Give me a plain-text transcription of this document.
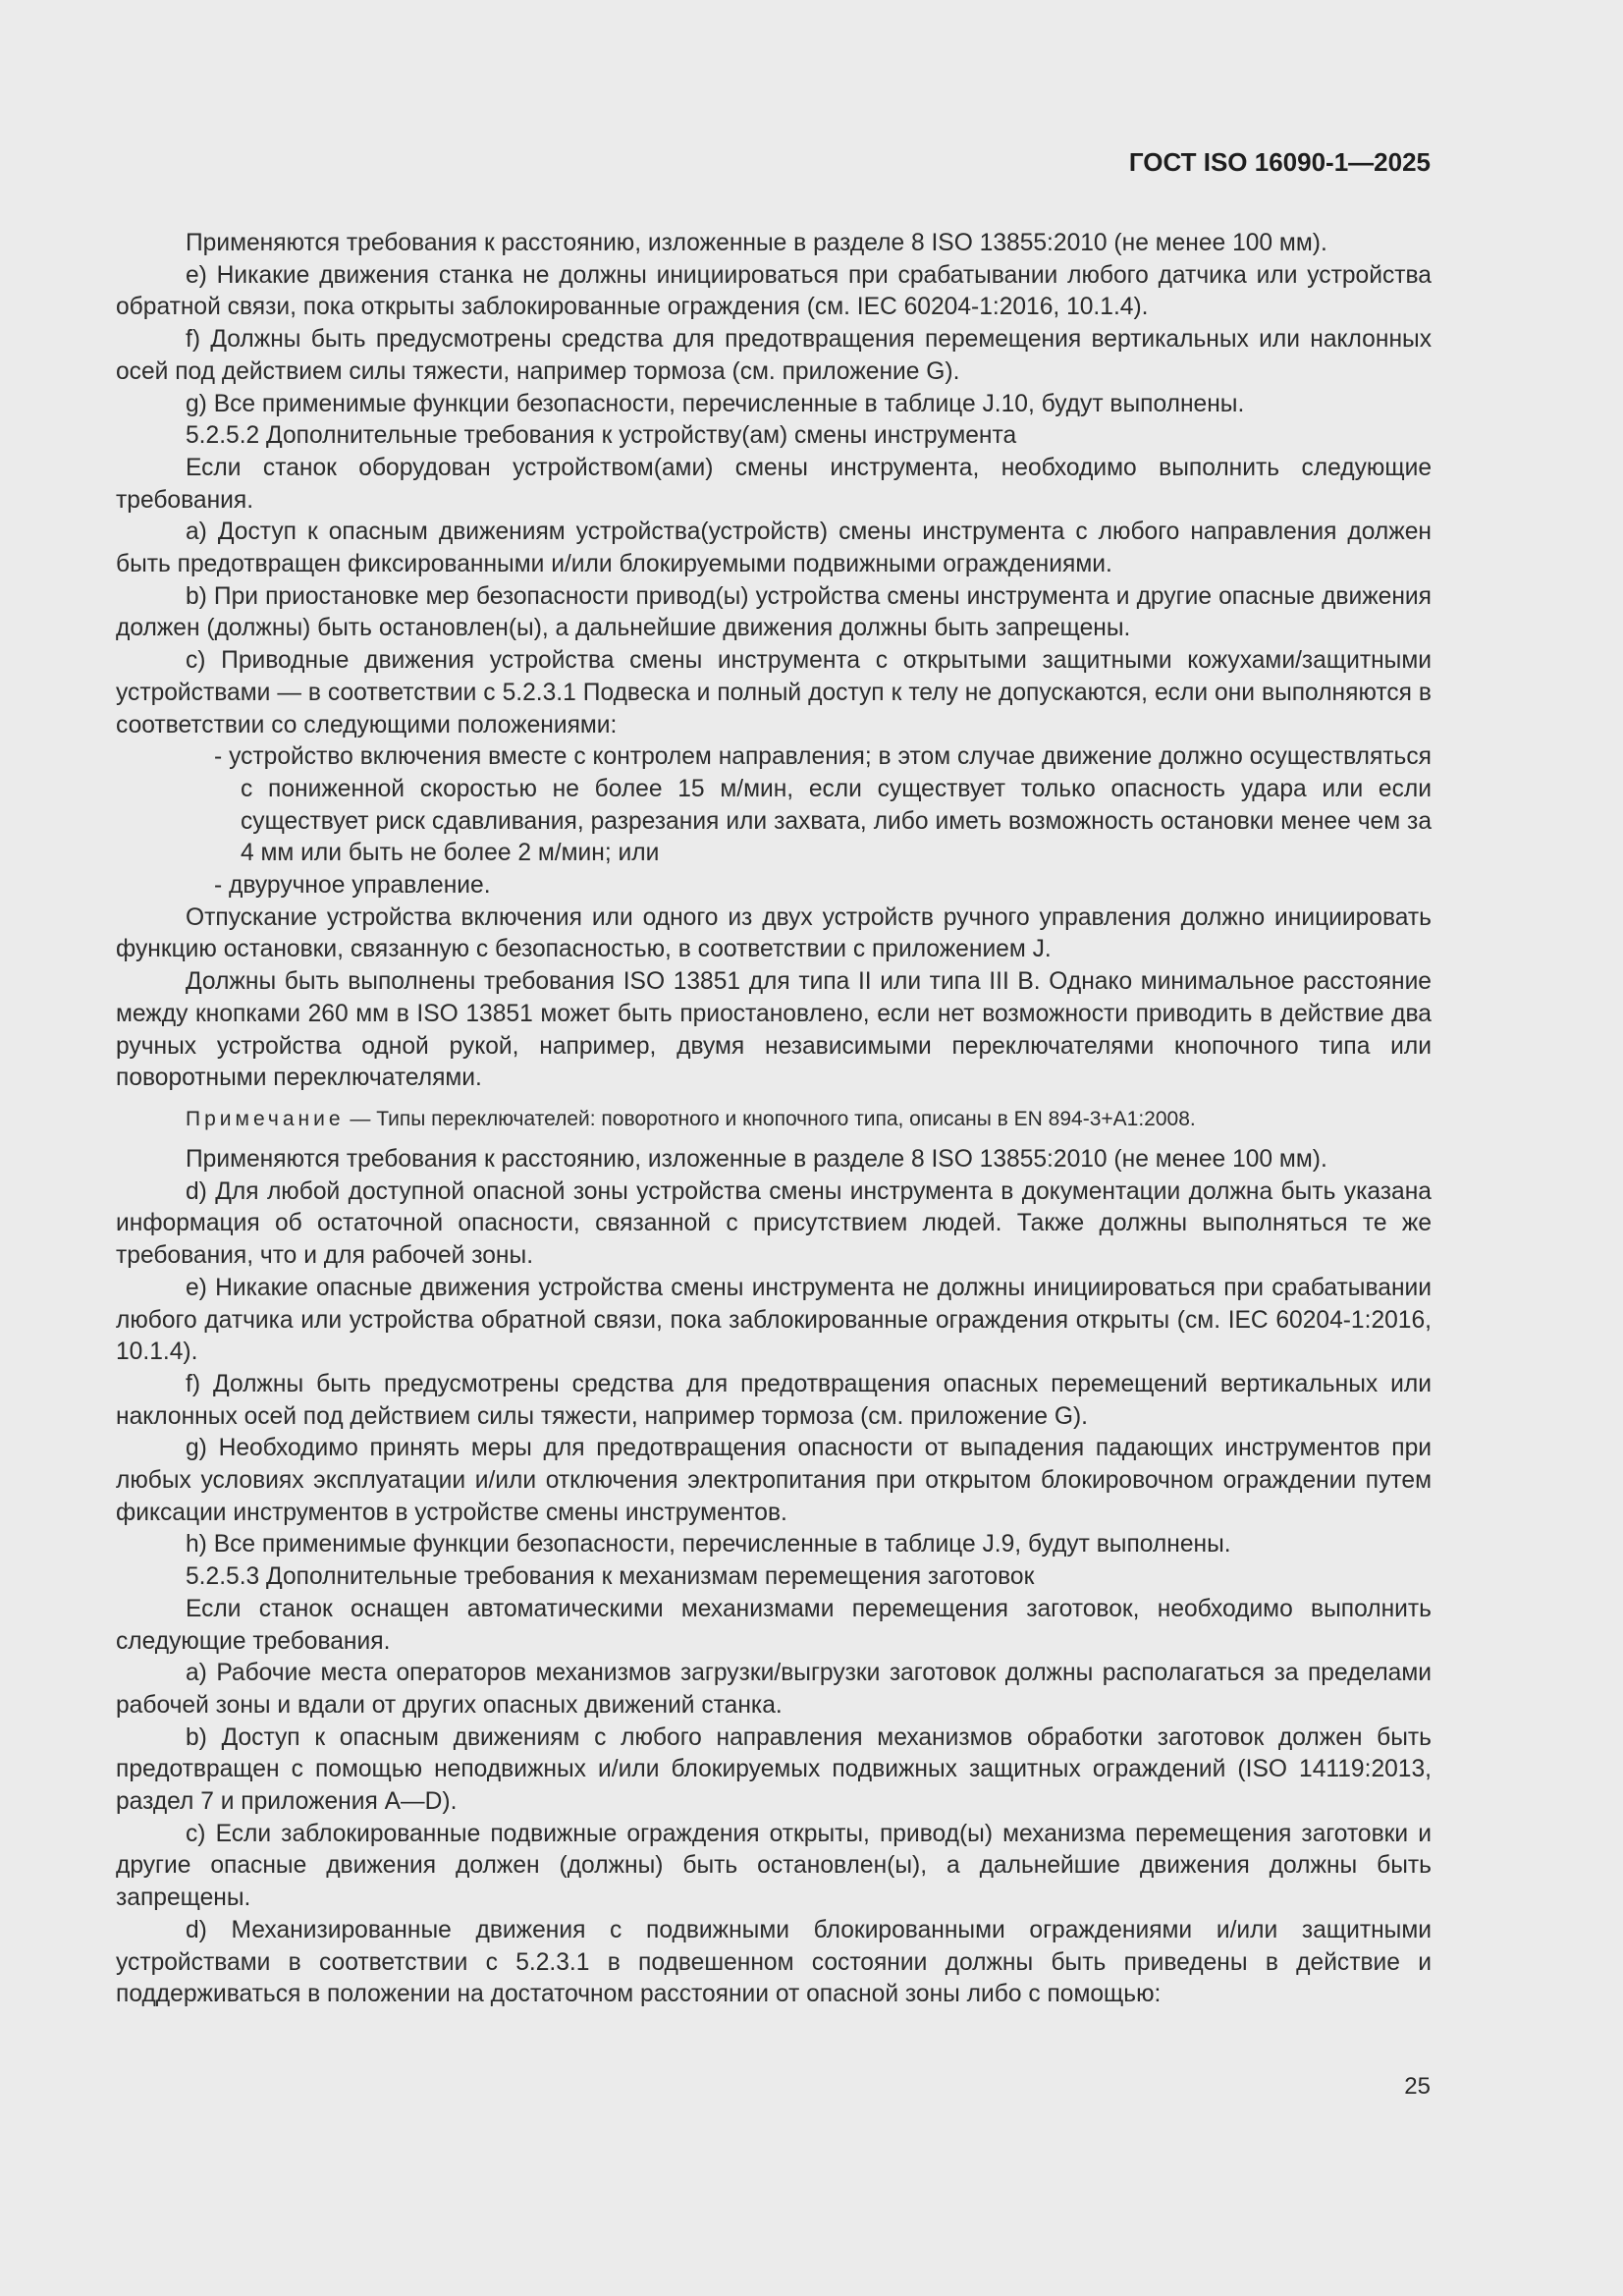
ГОСТ ISO 16090-1—2025

Применяются требования к расстоянию, изложенные в разделе 8 ISO 13855:2010 (не менее 100 мм).

e) Никакие движения станка не должны инициироваться при срабатывании любого датчика или устройства обратной связи, пока открыты заблокированные ограждения (см. IEC 60204-1:2016, 10.1.4).

f) Должны быть предусмотрены средства для предотвращения перемещения вертикальных или наклонных осей под действием силы тяжести, например тормоза (см. приложение G).

g) Все применимые функции безопасности, перечисленные в таблице J.10, будут выполнены.

5.2.5.2 Дополнительные требования к устройству(ам) смены инструмента

Если станок оборудован устройством(ами) смены инструмента, необходимо выполнить следующие требования.

a) Доступ к опасным движениям устройства(устройств) смены инструмента с любого направления должен быть предотвращен фиксированными и/или блокируемыми подвижными ограждениями.

b) При приостановке мер безопасности привод(ы) устройства смены инструмента и другие опасные движения должен (должны) быть остановлен(ы), а дальнейшие движения должны быть запрещены.

c) Приводные движения устройства смены инструмента с открытыми защитными кожухами/защитными устройствами — в соответствии с 5.2.3.1 Подвеска и полный доступ к телу не допускаются, если они выполняются в соответствии со следующими положениями:

- устройство включения вместе с контролем направления; в этом случае движение должно осуществляться с пониженной скоростью не более 15 м/мин, если существует только опасность удара или если существует риск сдавливания, разрезания или захвата, либо иметь возможность остановки менее чем за 4 мм или быть не более 2 м/мин; или

- двуручное управление.

Отпускание устройства включения или одного из двух устройств ручного управления должно инициировать функцию остановки, связанную с безопасностью, в соответствии с приложением J.

Должны быть выполнены требования ISO 13851 для типа II или типа III B. Однако минимальное расстояние между кнопками 260 мм в ISO 13851 может быть приостановлено, если нет возможности приводить в действие два ручных устройства одной рукой, например, двумя независимыми переключателями кнопочного типа или поворотными переключателями.

Примечание — Типы переключателей: поворотного и кнопочного типа, описаны в EN 894-3+A1:2008.

Применяются требования к расстоянию, изложенные в разделе 8 ISO 13855:2010 (не менее 100 мм).

d) Для любой доступной опасной зоны устройства смены инструмента в документации должна быть указана информация об остаточной опасности, связанной с присутствием людей. Также должны выполняться те же требования, что и для рабочей зоны.

e) Никакие опасные движения устройства смены инструмента не должны инициироваться при срабатывании любого датчика или устройства обратной связи, пока заблокированные ограждения открыты (см. IEC 60204-1:2016, 10.1.4).

f) Должны быть предусмотрены средства для предотвращения опасных перемещений вертикальных или наклонных осей под действием силы тяжести, например тормоза (см. приложение G).

g) Необходимо принять меры для предотвращения опасности от выпадения падающих инструментов при любых условиях эксплуатации и/или отключения электропитания при открытом блокировочном ограждении путем фиксации инструментов в устройстве смены инструментов.

h) Все применимые функции безопасности, перечисленные в таблице J.9, будут выполнены.

5.2.5.3 Дополнительные требования к механизмам перемещения заготовок

Если станок оснащен автоматическими механизмами перемещения заготовок, необходимо выполнить следующие требования.

a) Рабочие места операторов механизмов загрузки/выгрузки заготовок должны располагаться за пределами рабочей зоны и вдали от других опасных движений станка.

b) Доступ к опасным движениям с любого направления механизмов обработки заготовок должен быть предотвращен с помощью неподвижных и/или блокируемых подвижных защитных ограждений (ISO 14119:2013, раздел 7 и приложения A—D).

c) Если заблокированные подвижные ограждения открыты, привод(ы) механизма перемещения заготовки и другие опасные движения должен (должны) быть остановлен(ы), а дальнейшие движения должны быть запрещены.

d) Механизированные движения с подвижными блокированными ограждениями и/или защитными устройствами в соответствии с 5.2.3.1 в подвешенном состоянии должны быть приведены в действие и поддерживаться в положении на достаточном расстоянии от опасной зоны либо с помощью:

25
